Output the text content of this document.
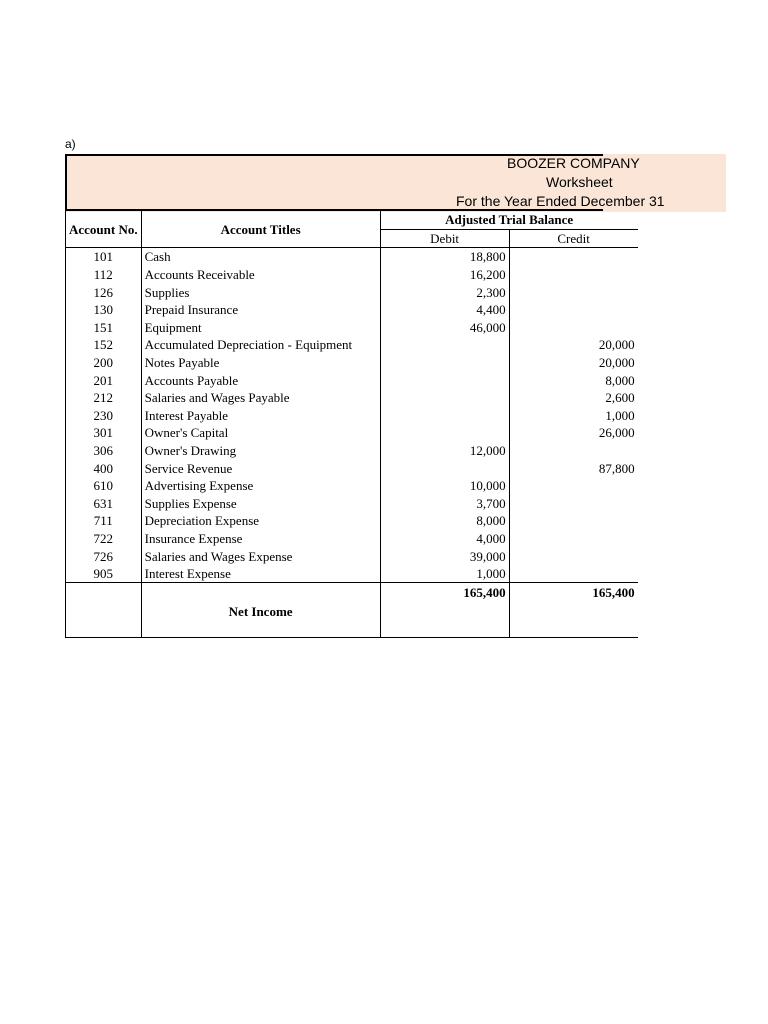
a)
BOOZER COMPANY
Worksheet
For the Year Ended December 31
Account No.	Account Titles	Adjusted Trial Balance	
		Debit	Credit
101	Cash	18,800	
112	Accounts Receivable	16,200	
126	Supplies	2,300	
130	Prepaid Insurance	4,400	
151	Equipment	46,000	
152	Accumulated Depreciation - Equipment		20,000
200	Notes Payable		20,000
201	Accounts Payable		8,000
212	Salaries and Wages Payable		2,600
230	Interest Payable		1,000
301	Owner's Capital		26,000
306	Owner's Drawing	12,000	
400	Service Revenue		87,800
610	Advertising Expense	10,000	
631	Supplies Expense	3,700	
711	Depreciation Expense	8,000	
722	Insurance Expense	4,000	
726	Salaries and Wages Expense	39,000	
905	Interest Expense	1,000	
		165,400	165,400
	Net Income		
